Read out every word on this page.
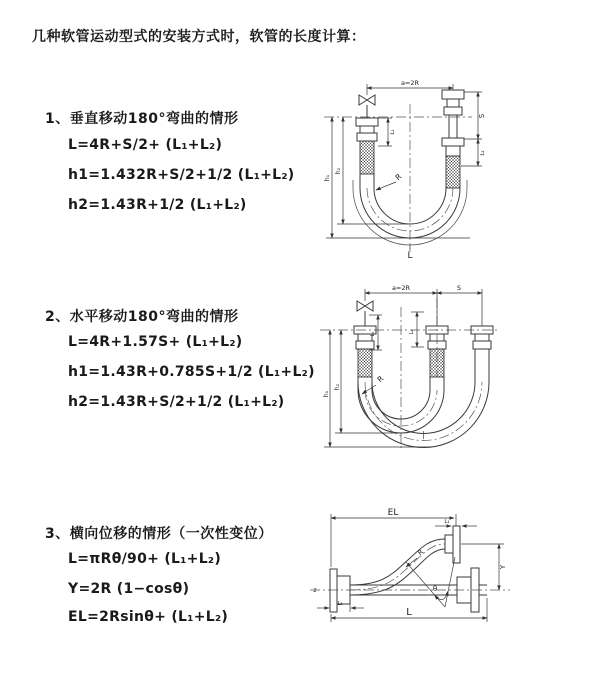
几种软管运动型式的安装方式时，软管的长度计算：
1、垂直移动180°弯曲的情形
L=4R+S/2+ (L₁+L₂)
h1=1.432R+S/2+1/2 (L₁+L₂)
h2=1.43R+1/2 (L₁+L₂)
a=2R
S
L₂
L₁
h₁
h₂
R
L
2、水平移动180°弯曲的情形
L=4R+1.57S+ (L₁+L₂)
h1=1.43R+0.785S+1/2 (L₁+L₂)
h2=1.43R+S/2+1/2 (L₁+L₂)
a=2R	S
h₁
h₂
L₁	L₂
R
3、横向位移的情形（一次性变位）
L=πRθ/90+ (L₁+L₂)
Y=2R (1−cosθ)
EL=2Rsinθ+ (L₁+L₂)
EL
L₁
Y
R
θ
L
L₂
z
